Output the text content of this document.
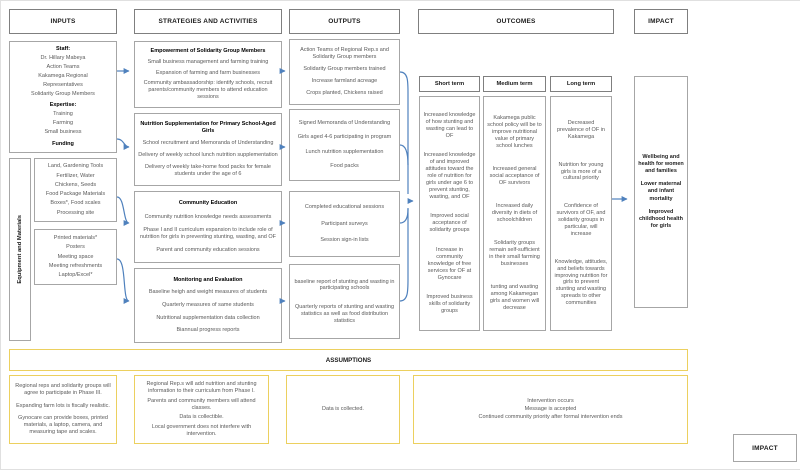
INPUTS	STRATEGIES AND ACTIVITIES	OUTPUTS	OUTCOMES	IMPACT

Staff:

Dr. Hillary Mabeya

Action Teams

Kakamega Regional

Representatives

Solidarity Group Members

Expertise:

Training

Farming

Small business

Funding

Equipment and Materials

Land, Gardening Tools

Fertilizer, Water

Chickens, Seeds

Food Package Materials

Boxes*, Food scales

Processing site

Printed materials*

Posters

Meeting space

Meeting refreshments

Laptop/Excel*

Empowerment of Solidarity Group Members

Small business management and farming training

Expansion of farming and farm businesses

Community ambassadorship: identify schools, recruit parents/community members to attend education sessions

Nutrition Supplementation for Primary School-Aged Girls

School recruitment and Memoranda of Understanding

Delivery of weekly school lunch nutrition supplementation

Delivery of weekly take-home food packs for female students under the age of 6

Community Education

Community nutrition knowledge needs assessments

Phase I and II curriculum expansion to include role of nutrition for girls in preventing stunting, wasting, and OF

Parent and community education sessions

Monitoring and Evaluation

Baseline heigh and weight measures of students

Quarterly measures of same students

Nutritional supplementation data collection

Biannual progress reports

Action Teams of Regional Rep.s and Solidarity Group members

Solidarity Group members trained

Increase farmland acreage

Crops planted, Chickens raised

Signed Memoranda of Understanding

Girls aged 4-6 participating in program

Lunch nutrition supplementation

Food packs

Completed educational sessions

Participant surveys

Session sign-in lists

baseline report of stunting and wasting in participating schools

Quarterly reports of stunting and wasting statistics as well as food distribution statistics

Short term	Medium term	Long term

Increased knowledge of how stunting and wasting can lead to OF

Increased knowledge of and improved attitudes toward the role of nutrition for girls under age 6 to prevent stunting, wasting, and OF

Improved social acceptance of solidarity groups

Increase in community knowledge of free services for OF at Gynocare

Improved business skills of solidarity groups

Kakamega public school policy will be to improve nutritional value of primary school lunches

Increased general social acceptance of OF survivors

Increased daily diversity in diets of schoolchildren

Solidarity groups remain self-sufficient in their small farming businesses

tunting and wasting among Kakamegan girls and women will decrease

Decreased prevalence of OF in Kakamega

Nutrition for young girls is more of a cultural priority

Confidence of survivors of OF, and solidarity groups in particular, will increase

Knowledge, attitudes, and beliefs towards improving nutrition for girls to prevent stunting and wasting spreads to other communities

Wellbeing and health for women and families

Lower maternal and infant mortality

Improved childhood health for girls

ASSUMPTIONS

Regional reps and solidarity groups will agree to participate in Phase III.

Expanding farm lots is fiscally realistic.

Gynocare can provide boxes, printed materials, a laptop, camera, and measuring tape and scales.

Regional Rep.s will add nutrition and stunting information to their curriculum from Phase I.

Parents and community members will attend classes.

Data is collectible.

Local government does not interfere with intervention.

Data is collected.

Intervention occurs

Message is accepted

Continued community priority after formal intervention ends

IMPACT
